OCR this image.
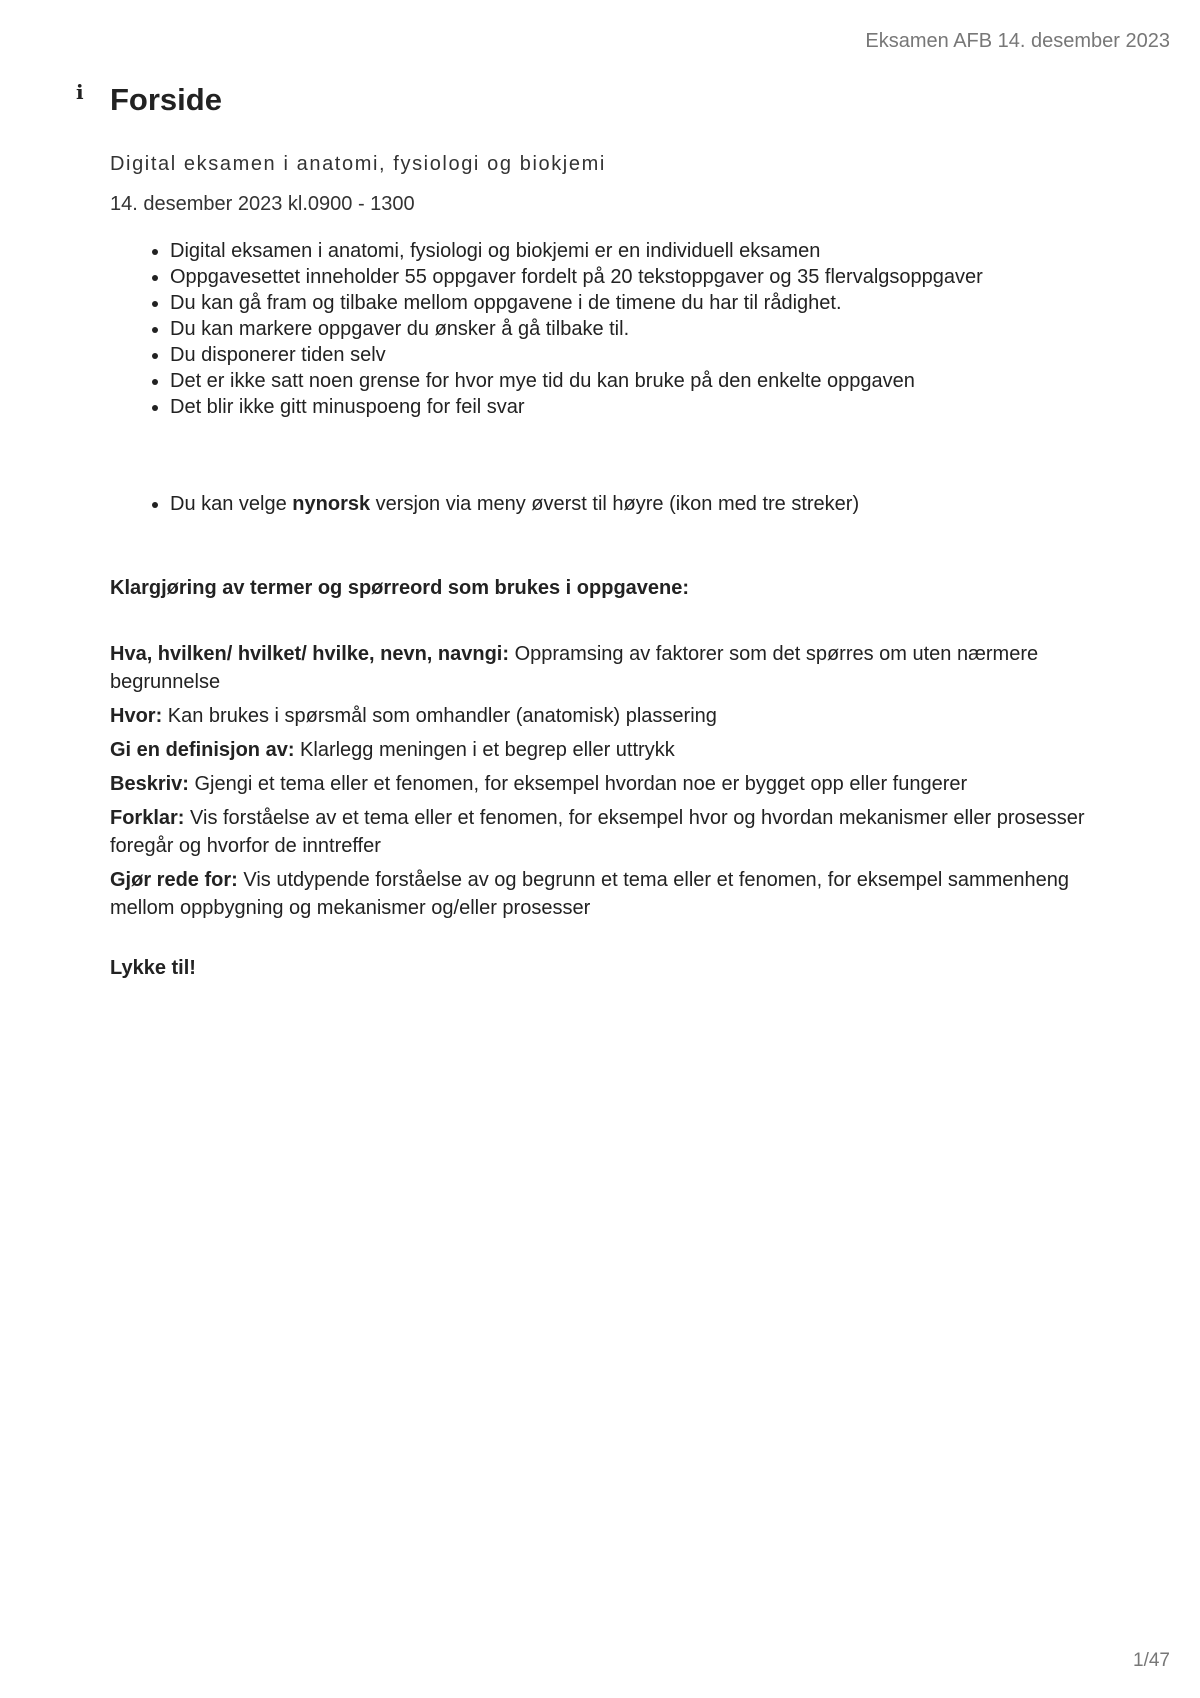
Eksamen AFB 14. desember 2023
i Forside

Digital eksamen i anatomi, fysiologi og biokjemi

14. desember 2023 kl.0900 - 1300

• Digital eksamen i anatomi, fysiologi og biokjemi er en individuell eksamen
• Oppgavesettet inneholder 55 oppgaver fordelt på 20 tekstoppgaver og 35 flervalgsoppgaver
• Du kan gå fram og tilbake mellom oppgavene i de timene du har til rådighet.
• Du kan markere oppgaver du ønsker å gå tilbake til.
• Du disponerer tiden selv
• Det er ikke satt noen grense for hvor mye tid du kan bruke på den enkelte oppgaven
• Det blir ikke gitt minuspoeng for feil svar
• Du kan velge nynorsk versjon via meny øverst til høyre (ikon med tre streker)

Klargjøring av termer og spørreord som brukes i oppgavene:

Hva, hvilken/ hvilket/ hvilke, nevn, navngi: Oppramsing av faktorer som det spørres om uten nærmere begrunnelse

Hvor: Kan brukes i spørsmål som omhandler (anatomisk) plassering

Gi en definisjon av: Klarlegg meningen i et begrep eller uttrykk

Beskriv: Gjengi et tema eller et fenomen, for eksempel hvordan noe er bygget opp eller fungerer

Forklar: Vis forståelse av et tema eller et fenomen, for eksempel hvor og hvordan mekanismer eller prosesser foregår og hvorfor de inntreffer

Gjør rede for: Vis utdypende forståelse av og begrunn et tema eller et fenomen, for eksempel sammenheng mellom oppbygning og mekanismer og/eller prosesser

Lykke til!

1/47
